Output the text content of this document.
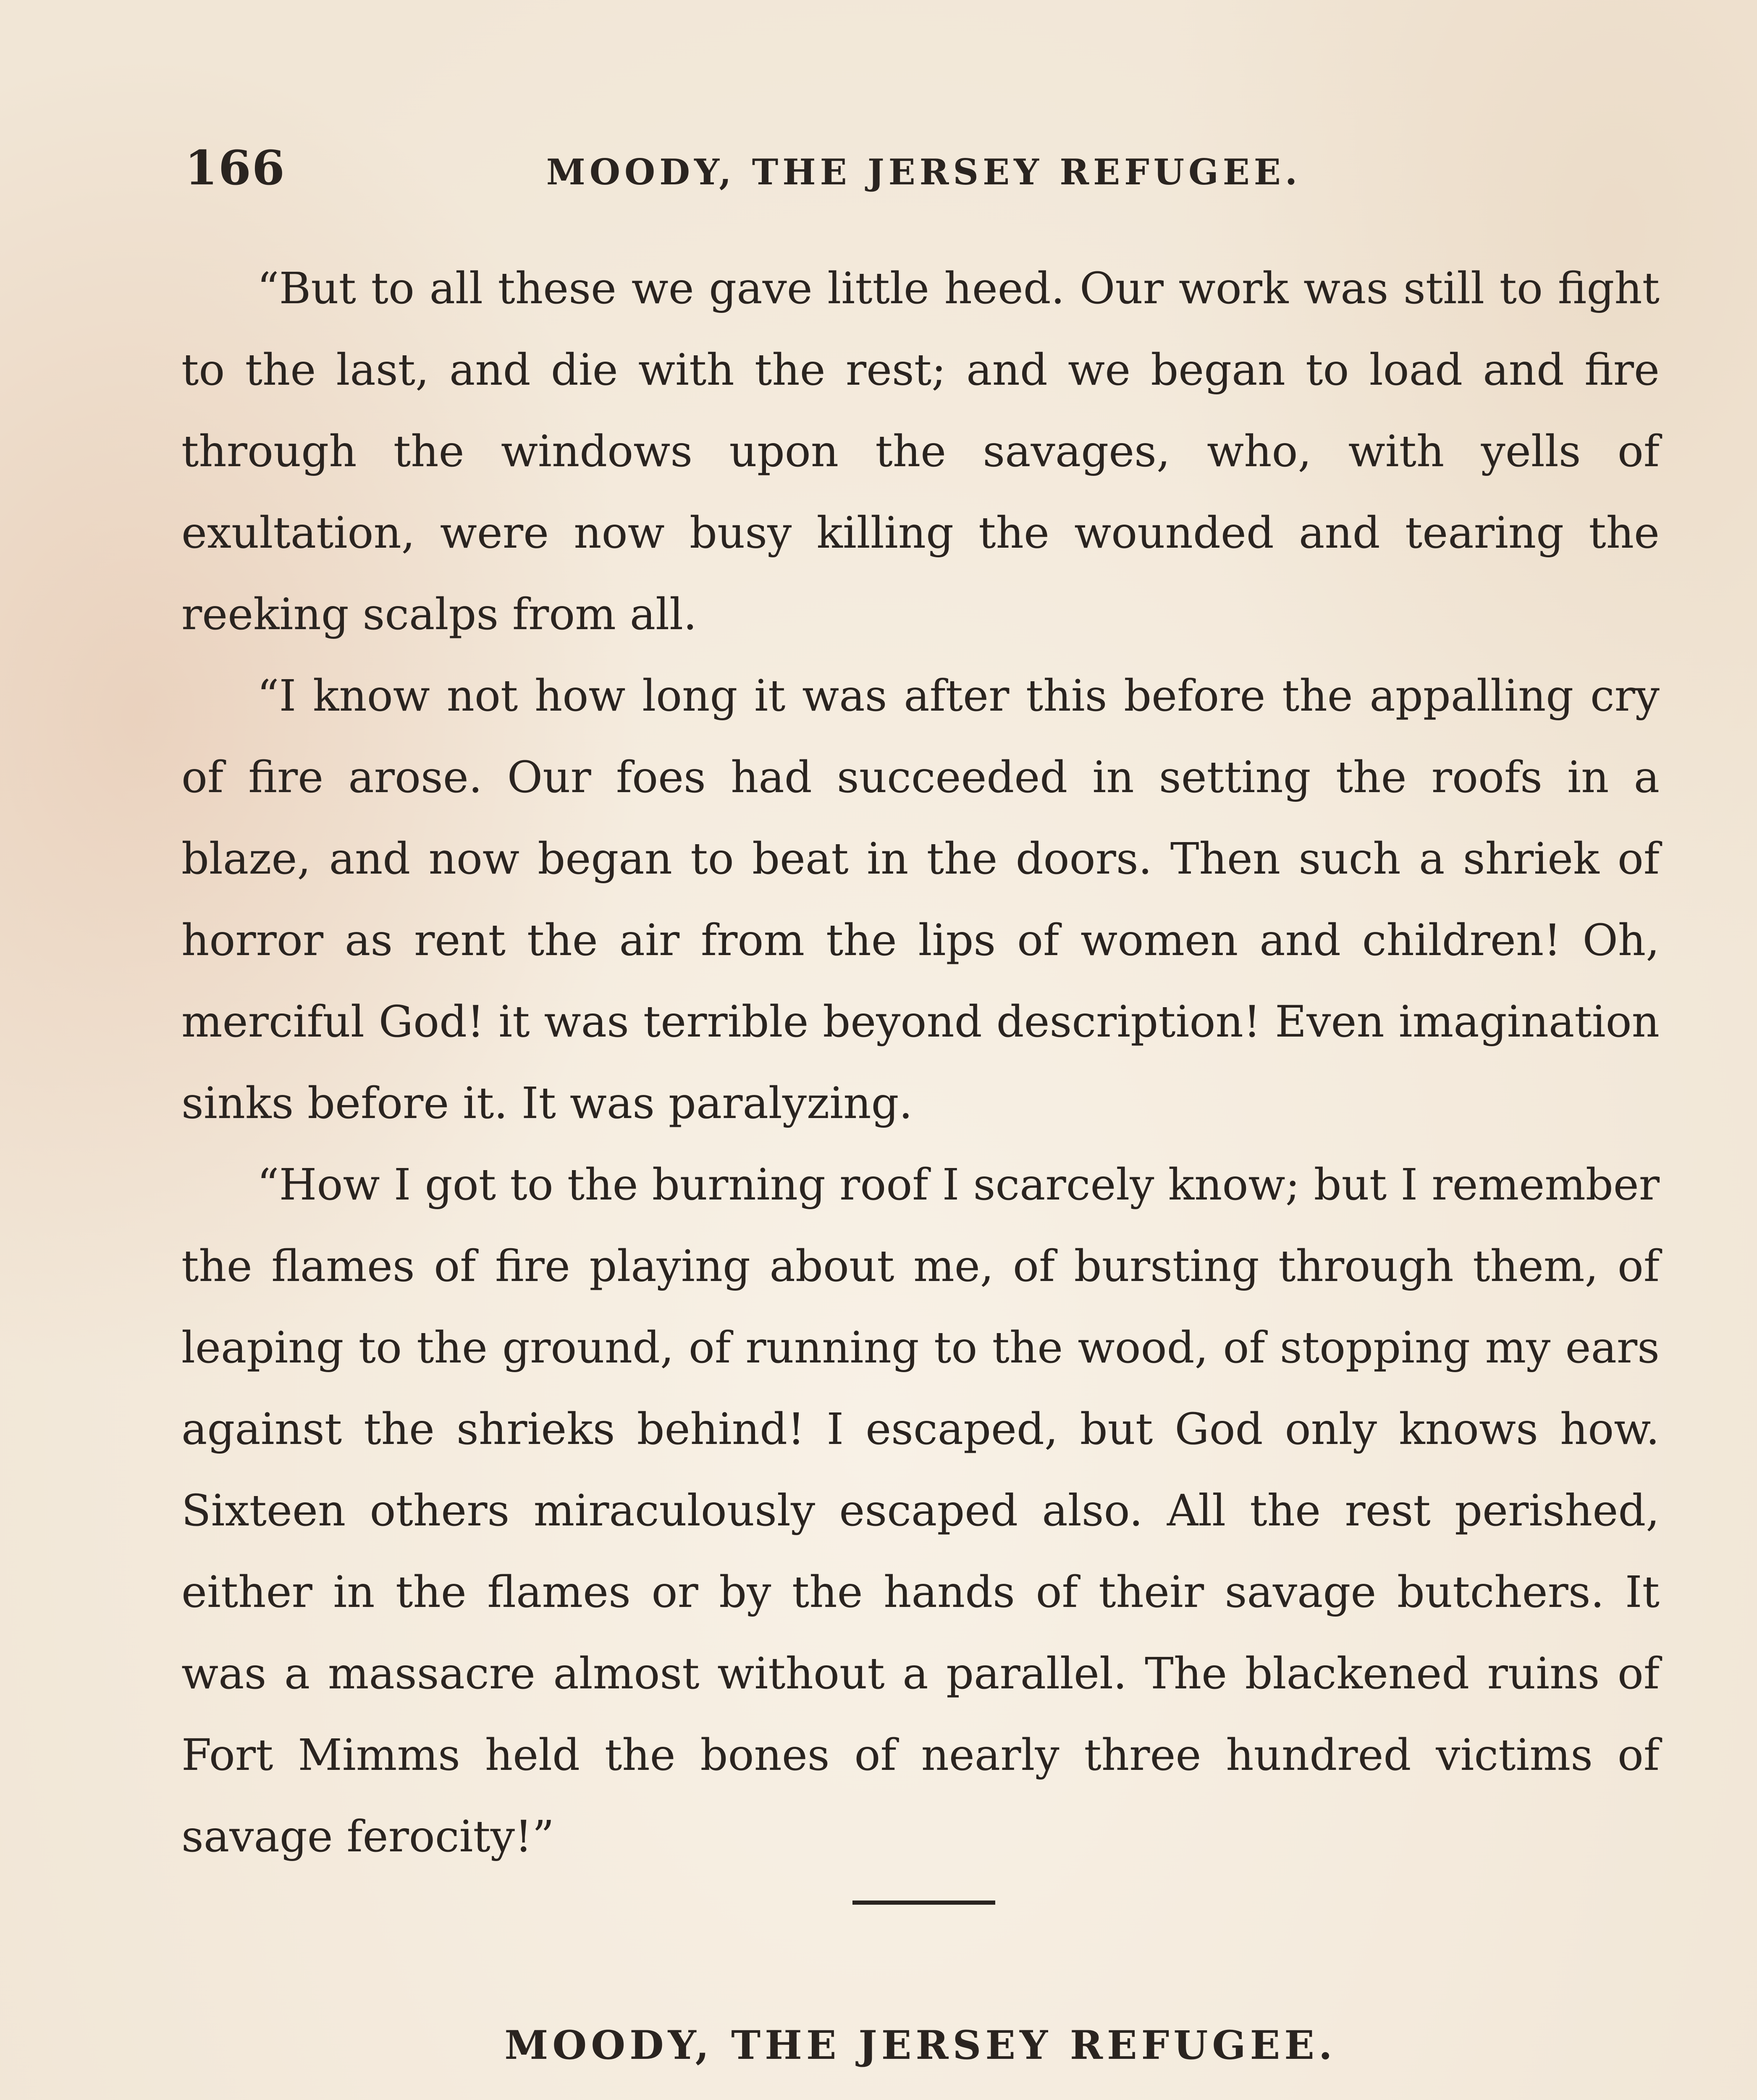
166	MOODY, THE JERSEY REFUGEE.

“But to all these we gave little heed. Our work was still to fight to the last, and die with the rest; and we began to load and fire through the windows upon the savages, who, with yells of exultation, were now busy killing the wounded and tearing the reeking scalps from all.

“I know not how long it was after this before the appalling cry of fire arose. Our foes had succeeded in setting the roofs in a blaze, and now began to beat in the doors. Then such a shriek of horror as rent the air from the lips of women and children! Oh, merciful God! it was terrible beyond description! Even imagination sinks before it. It was paralyzing.

“How I got to the burning roof I scarcely know; but I remember the flames of fire playing about me, of bursting through them, of leaping to the ground, of running to the wood, of stopping my ears against the shrieks behind! I escaped, but God only knows how. Sixteen others miraculously escaped also. All the rest perished, either in the flames or by the hands of their savage butchers. It was a massacre almost without a parallel. The blackened ruins of Fort Mimms held the bones of nearly three hundred victims of savage ferocity!”

MOODY, THE JERSEY REFUGEE.
